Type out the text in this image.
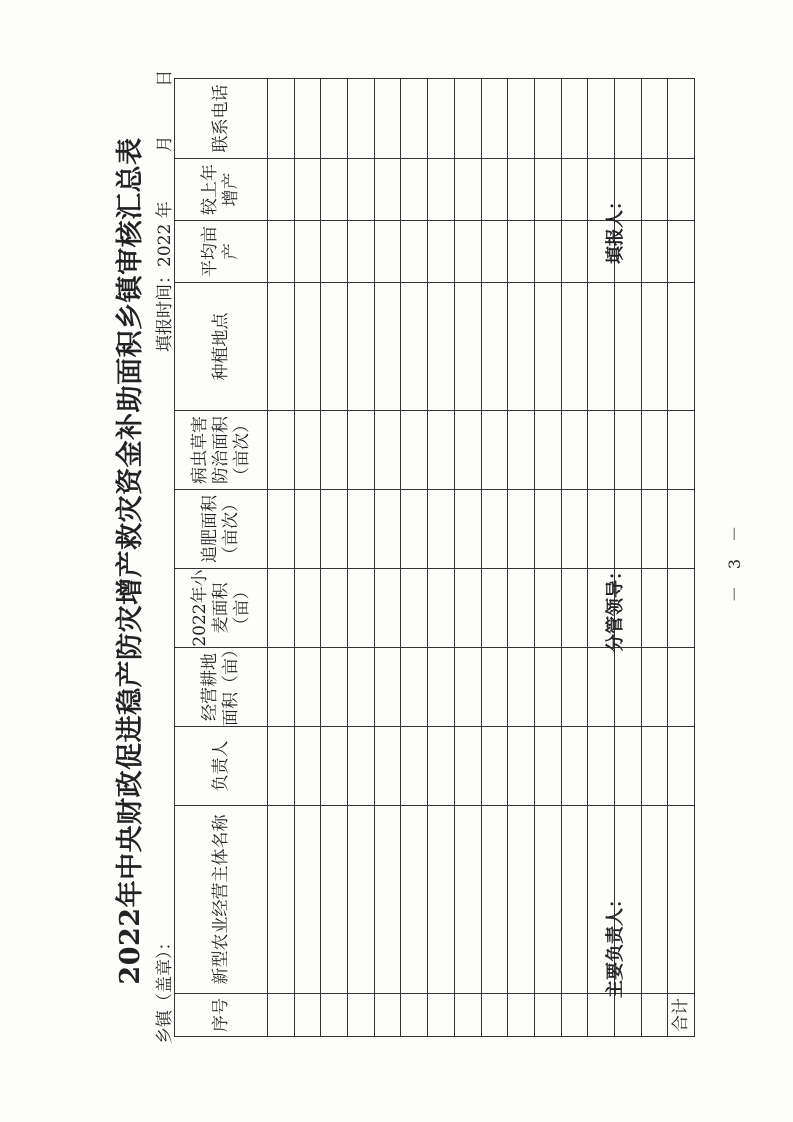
2022年中央财政促进稳产防灾增产救灾资金补助面积乡镇审核汇总表
乡镇（盖章）：
填报时间：2022 年  月  日
序号	新型农业经营主体名称	负责人	经营耕地面积（亩）	2022年小麦面积（亩）	追肥面积（亩次）	病虫草害防治面积（亩次）	种植地点	平均亩产	较上年增产	联系电话

合计										
主要负责人：
分管领导：
填报人：
－ 3 －
